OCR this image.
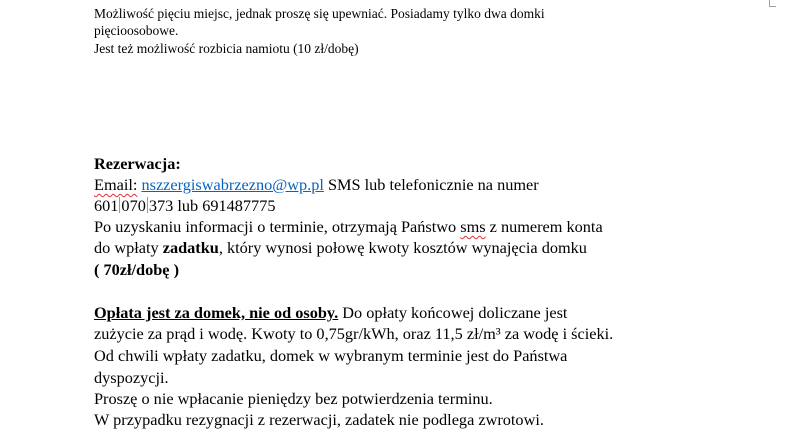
Możliwość pięciu miejsc, jednak proszę się upewniać. Posiadamy tylko dwa domki
pięcioosobowe.
Jest też możliwość rozbicia namiotu (10 zł/dobę)
Rezerwacja:
Email: nszzergiswabrzezno@wp.pl SMS lub telefonicznie na numer
601 070 373 lub 691487775
Po uzyskaniu informacji o terminie, otrzymają Państwo sms z numerem konta
do wpłaty zadatku, który wynosi połowę kwoty kosztów wynajęcia domku
( 70zł/dobę )
Opłata jest za domek, nie od osoby. Do opłaty końcowej doliczane jest
zużycie za prąd i wodę. Kwoty to 0,75gr/kWh, oraz 11,5 zł/m³ za wodę i ścieki.
Od chwili wpłaty zadatku, domek w wybranym terminie jest do Państwa
dyspozycji.
Proszę o nie wpłacanie pieniędzy bez potwierdzenia terminu.
W przypadku rezygnacji z rezerwacji, zadatek nie podlega zwrotowi.
